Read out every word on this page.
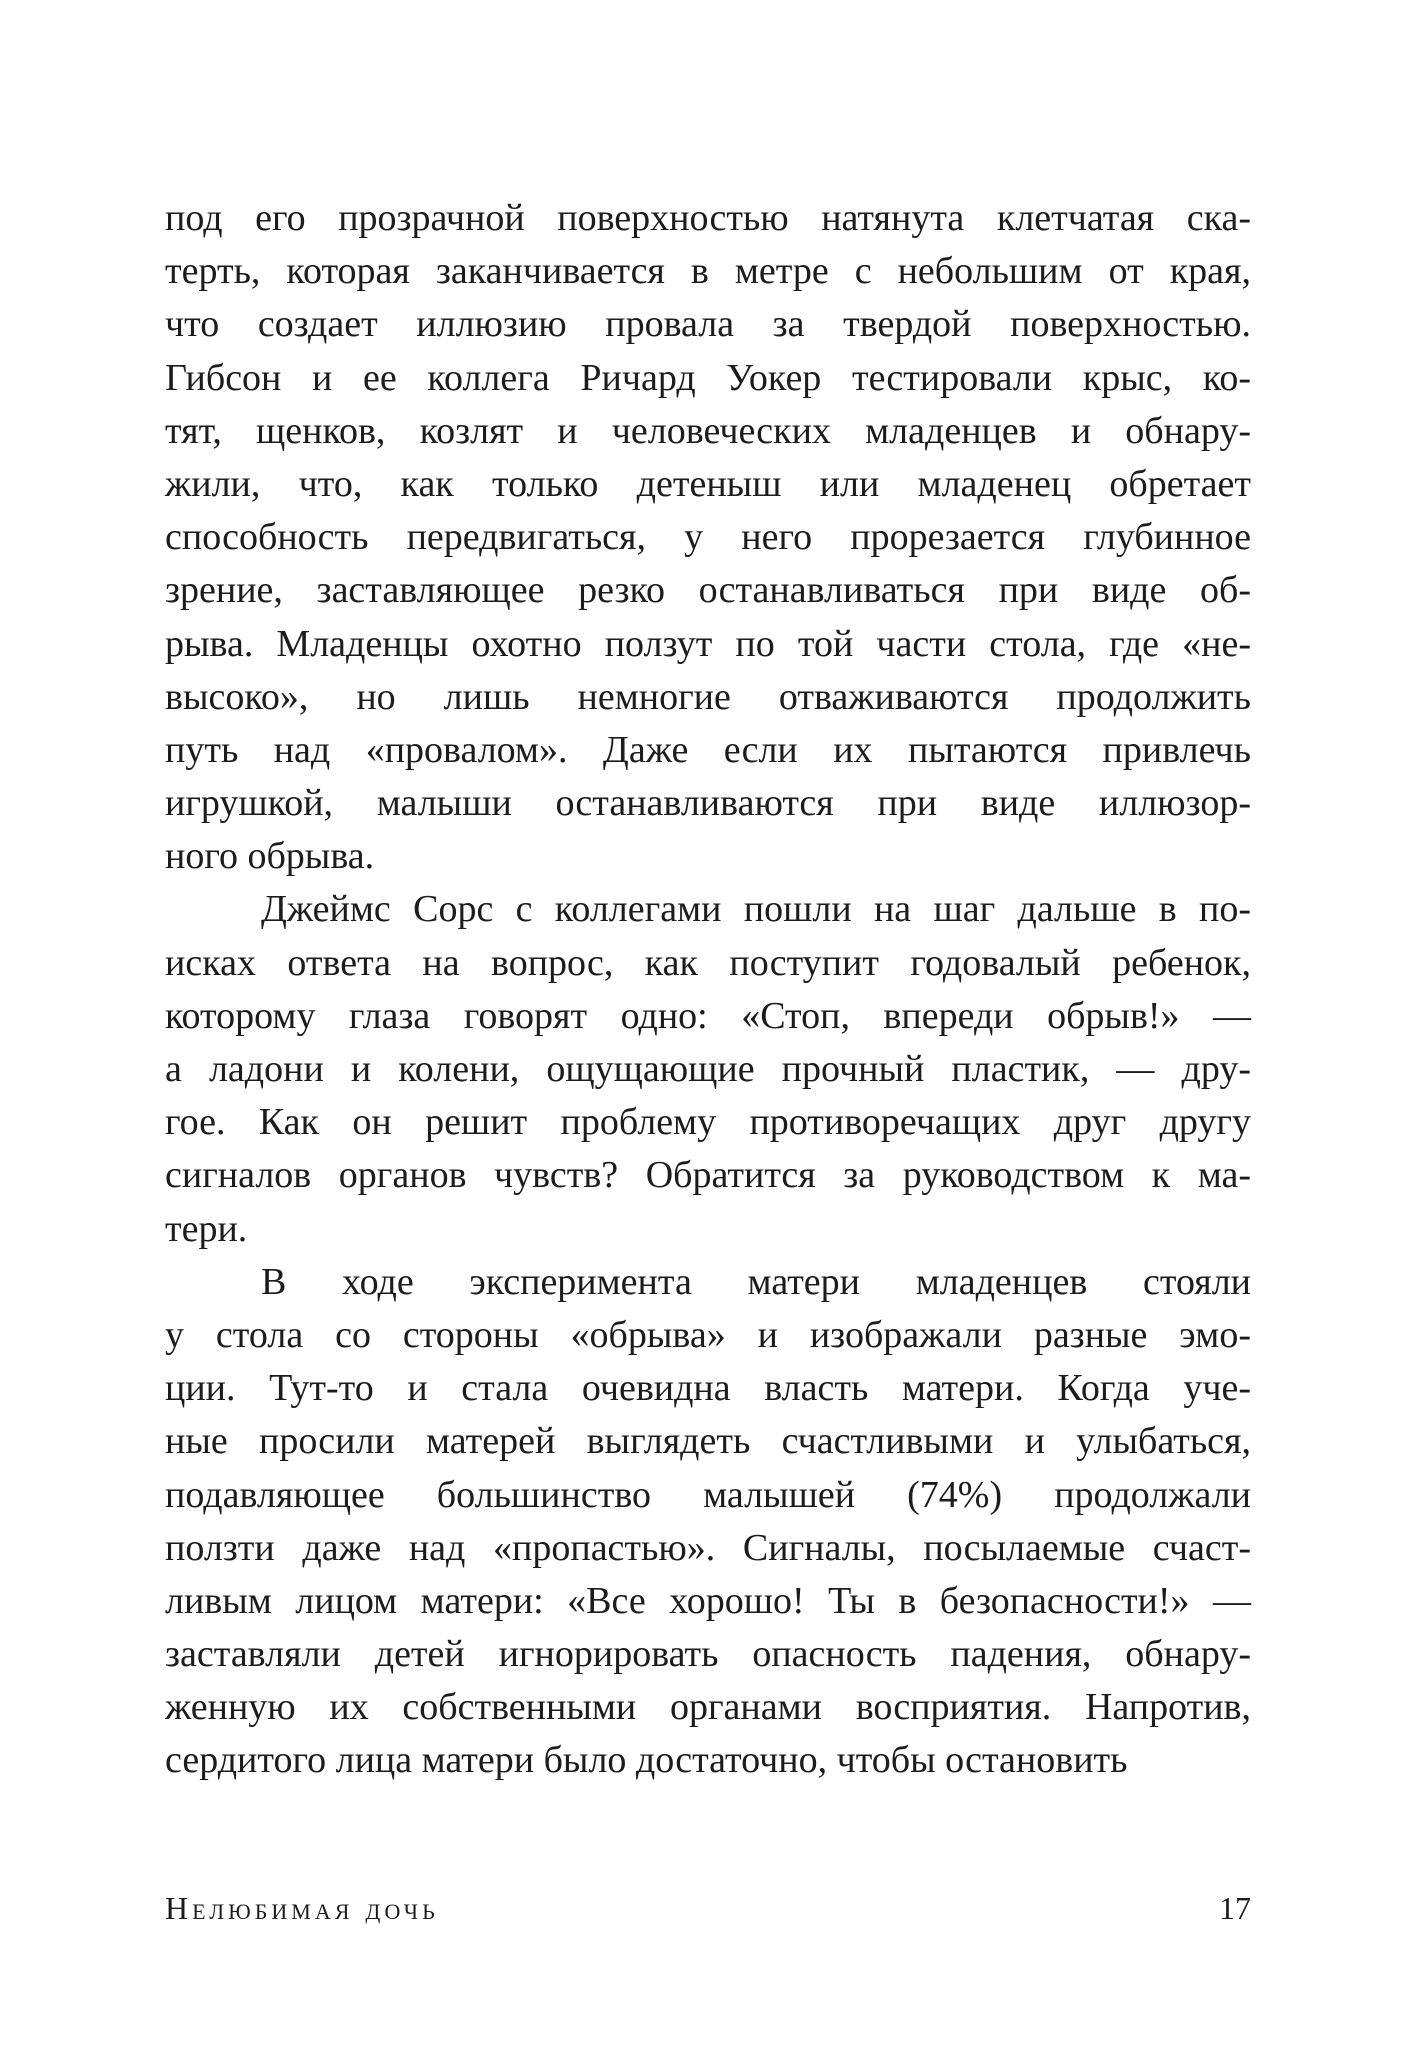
под его прозрачной поверхностью натянута клетчатая ска-
терть, которая заканчивается в метре с небольшим от края,
что создает иллюзию провала за твердой поверхностью.
Гибсон и ее коллега Ричард Уокер тестировали крыс, ко-
тят, щенков, козлят и человеческих младенцев и обнару-
жили, что, как только детеныш или младенец обретает
способность передвигаться, у него прорезается глубинное
зрение, заставляющее резко останавливаться при виде об-
рыва. Младенцы охотно ползут по той части стола, где «не-
высоко», но лишь немногие отваживаются продолжить
путь над «провалом». Даже если их пытаются привлечь
игрушкой, малыши останавливаются при виде иллюзор-
ного обрыва.
Джеймс Сорс с коллегами пошли на шаг дальше в по-
исках ответа на вопрос, как поступит годовалый ребенок,
которому глаза говорят одно: «Стоп, впереди обрыв!» —
а ладони и колени, ощущающие прочный пластик, — дру-
гое. Как он решит проблему противоречащих друг другу
сигналов органов чувств? Обратится за руководством к ма-
тери.
В ходе эксперимента матери младенцев стояли
у стола со стороны «обрыва» и изображали разные эмо-
ции. Тут-то и стала очевидна власть матери. Когда уче-
ные просили матерей выглядеть счастливыми и улыбаться,
подавляющее большинство малышей (74%) продолжали
ползти даже над «пропастью». Сигналы, посылаемые счаст-
ливым лицом матери: «Все хорошо! Ты в безопасности!» —
заставляли детей игнорировать опасность падения, обнару-
женную их собственными органами восприятия. Напротив,
сердитого лица матери было достаточно, чтобы остановить
Нелюбимая дочь	17
